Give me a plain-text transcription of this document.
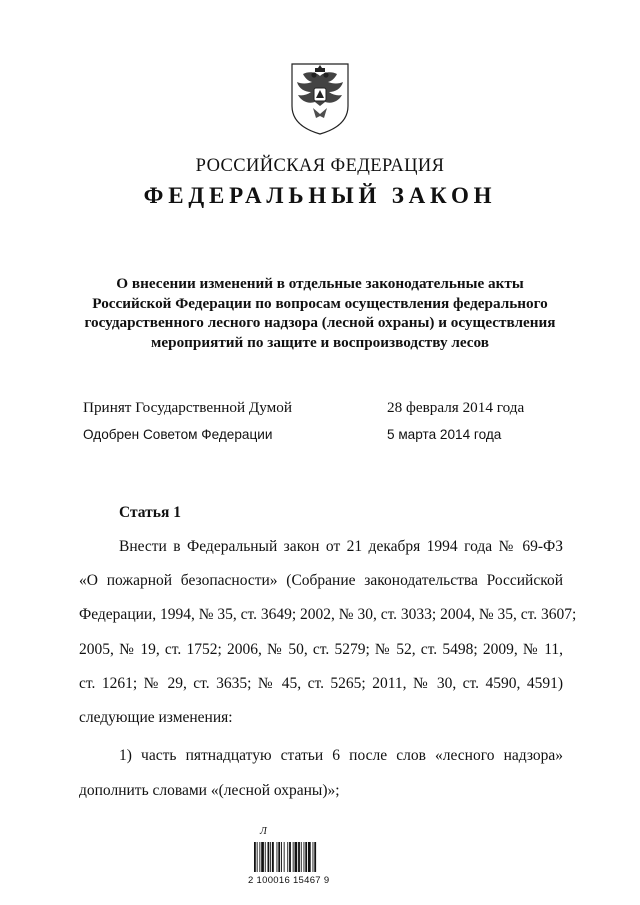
РОССИЙСКАЯ ФЕДЕРАЦИЯ
ФЕДЕРАЛЬНЫЙ ЗАКОН
О внесении изменений в отдельные законодательные акты
Российской Федерации по вопросам осуществления федерального
государственного лесного надзора (лесной охраны) и осуществления
мероприятий по защите и воспроизводству лесов
Принят Государственной Думой	28 февраля 2014 года
Одобрен Советом Федерации	5 марта 2014 года
Статья 1
Внести в Федеральный закон от 21 декабря 1994 года № 69-ФЗ
«О пожарной безопасности» (Собрание законодательства Российской
Федерации, 1994, № 35, ст. 3649; 2002, № 30, ст. 3033; 2004, № 35, ст. 3607;
2005, № 19, ст. 1752; 2006, № 50, ст. 5279; № 52, ст. 5498; 2009, № 11,
ст. 1261; № 29, ст. 3635; № 45, ст. 5265; 2011, № 30, ст. 4590, 4591)
следующие изменения:
1) часть пятнадцатую статьи 6 после слов «лесного надзора»
дополнить словами «(лесной охраны)»;
Л
2 100016 15467 9
